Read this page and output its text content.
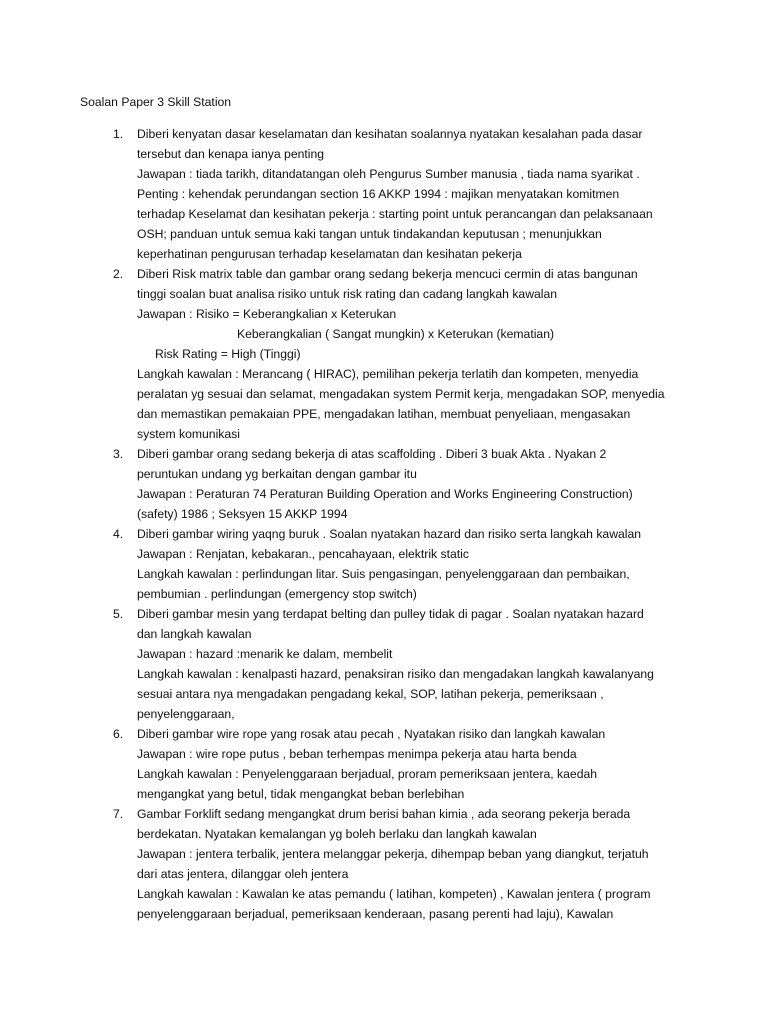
Soalan Paper 3 Skill Station
1. Diberi kenyatan dasar keselamatan dan kesihatan soalannya nyatakan kesalahan pada dasar
tersebut dan kenapa ianya penting
Jawapan : tiada tarikh, ditandatangan oleh Pengurus Sumber manusia , tiada nama syarikat .
Penting : kehendak perundangan section 16 AKKP 1994 : majikan menyatakan komitmen
terhadap Keselamat dan kesihatan pekerja : starting point untuk perancangan dan pelaksanaan
OSH; panduan untuk semua kaki tangan untuk tindakandan keputusan ; menunjukkan
keperhatinan pengurusan terhadap keselamatan dan kesihatan pekerja
2. Diberi Risk matrix table dan gambar orang sedang bekerja mencuci cermin di atas bangunan
tinggi soalan buat analisa risiko untuk risk rating dan cadang langkah kawalan
Jawapan : Risiko = Keberangkalian x Keterukan
Keberangkalian ( Sangat mungkin) x Keterukan (kematian)
Risk Rating = High (Tinggi)
Langkah kawalan : Merancang ( HIRAC), pemilihan pekerja terlatih dan kompeten, menyedia
peralatan yg sesuai dan selamat, mengadakan system Permit kerja, mengadakan SOP, menyedia
dan memastikan pemakaian PPE, mengadakan latihan, membuat penyeliaan, mengasakan
system komunikasi
3. Diberi gambar orang sedang bekerja di atas scaffolding . Diberi 3 buak Akta . Nyakan 2
peruntukan undang yg berkaitan dengan gambar itu
Jawapan : Peraturan 74 Peraturan Building Operation and Works Engineering Construction)
(safety) 1986 ; Seksyen 15 AKKP 1994
4. Diberi gambar wiring yaqng buruk . Soalan nyatakan hazard dan risiko serta langkah kawalan
Jawapan : Renjatan, kebakaran., pencahayaan, elektrik static
Langkah kawalan : perlindungan litar. Suis pengasingan, penyelenggaraan dan pembaikan,
pembumian . perlindungan (emergency stop switch)
5. Diberi gambar mesin yang terdapat belting dan pulley tidak di pagar . Soalan nyatakan hazard
dan langkah kawalan
Jawapan : hazard :menarik ke dalam, membelit
Langkah kawalan : kenalpasti hazard, penaksiran risiko dan mengadakan langkah kawalanyang
sesuai antara nya mengadakan pengadang kekal, SOP, latihan pekerja, pemeriksaan ,
penyelenggaraan,
6. Diberi gambar wire rope yang rosak atau pecah , Nyatakan risiko dan langkah kawalan
Jawapan : wire rope putus , beban terhempas menimpa pekerja atau harta benda
Langkah kawalan : Penyelenggaraan berjadual, proram pemeriksaan jentera, kaedah
mengangkat yang betul, tidak mengangkat beban berlebihan
7. Gambar Forklift sedang mengangkat drum berisi bahan kimia , ada seorang pekerja berada
berdekatan. Nyatakan kemalangan yg boleh berlaku dan langkah kawalan
Jawapan : jentera terbalik, jentera melanggar pekerja, dihempap beban yang diangkut, terjatuh
dari atas jentera, dilanggar oleh jentera
Langkah kawalan : Kawalan ke atas pemandu ( latihan, kompeten) , Kawalan jentera ( program
penyelenggaraan berjadual, pemeriksaan kenderaan, pasang perenti had laju), Kawalan
